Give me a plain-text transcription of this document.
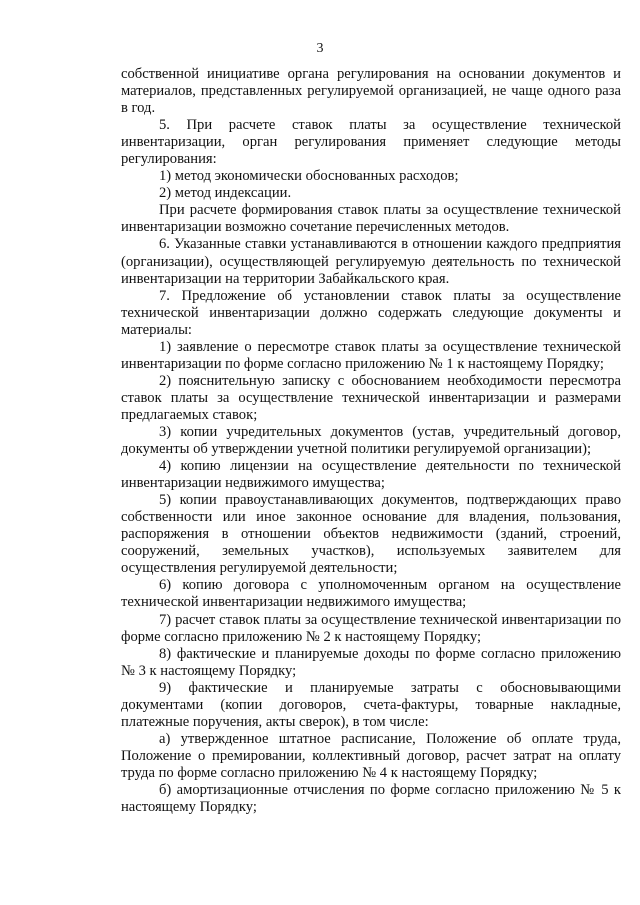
3

собственной инициативе органа регулирования на основании документов и материалов, представленных регулируемой организацией, не чаще одного раза в год.

5. При расчете ставок платы за осуществление технической инвентаризации, орган регулирования применяет следующие методы регулирования:

1) метод экономически обоснованных расходов;

2) метод индексации.

При расчете формирования ставок платы за осуществление технической инвентаризации возможно сочетание перечисленных методов.

6. Указанные ставки устанавливаются в отношении каждого предприятия (организации), осуществляющей регулируемую деятельность по технической инвентаризации на территории Забайкальского края.

7. Предложение об установлении ставок платы за осуществление технической инвентаризации должно содержать следующие документы и материалы:

1) заявление о пересмотре ставок платы за осуществление технической инвентаризации по форме согласно приложению № 1 к настоящему Порядку;

2) пояснительную записку с обоснованием необходимости пересмотра ставок платы за осуществление технической инвентаризации и размерами предлагаемых ставок;

3) копии учредительных документов (устав, учредительный договор, документы об утверждении учетной политики регулируемой организации);

4) копию лицензии на осуществление деятельности по технической инвентаризации недвижимого имущества;

5) копии правоустанавливающих документов, подтверждающих право собственности или иное законное основание для владения, пользования, распоряжения в отношении объектов недвижимости (зданий, строений, сооружений, земельных участков), используемых заявителем для осуществления регулируемой деятельности;

6) копию договора с уполномоченным органом на осуществление технической инвентаризации недвижимого имущества;

7) расчет ставок платы за осуществление технической инвентаризации по форме согласно приложению № 2 к настоящему Порядку;

8) фактические и планируемые доходы по форме согласно приложению № 3 к настоящему Порядку;

9) фактические и планируемые затраты с обосновывающими документами (копии договоров, счета-фактуры, товарные накладные, платежные поручения, акты сверок), в том числе:

а) утвержденное штатное расписание, Положение об оплате труда, Положение о премировании, коллективный договор, расчет затрат на оплату труда по форме согласно приложению № 4 к настоящему Порядку;

б) амортизационные отчисления по форме согласно приложению № 5 к настоящему Порядку;
